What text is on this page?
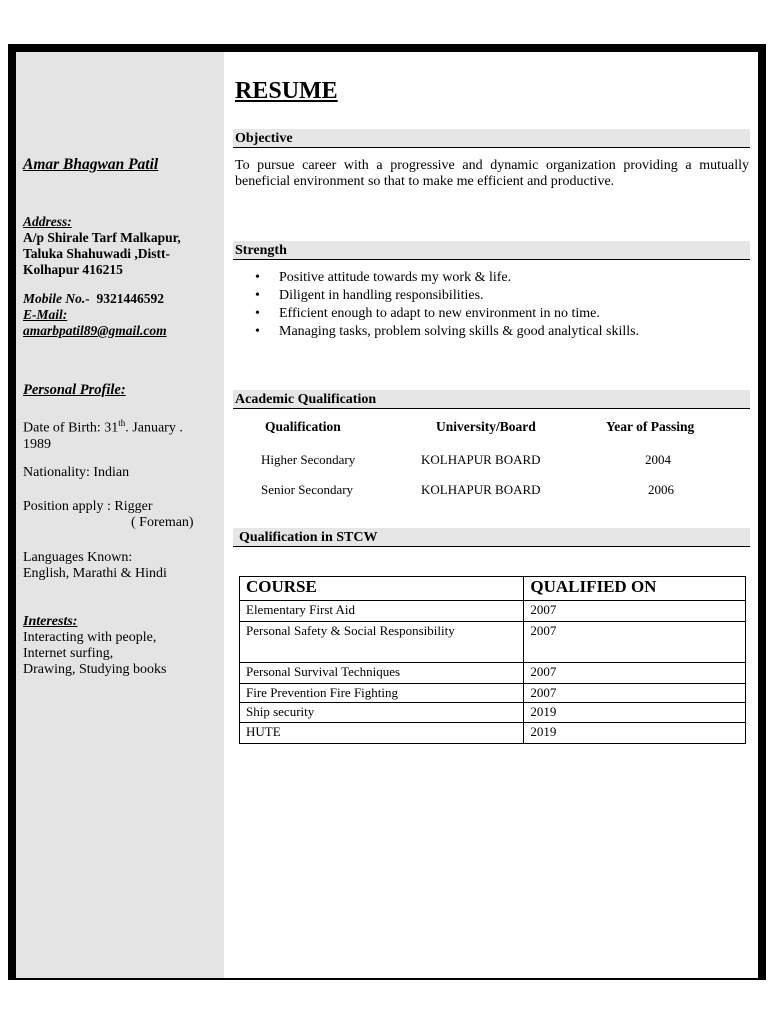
Amar Bhagwan Patil
Address:
A/p Shirale Tarf Malkapur,
Taluka Shahuwadi ,Distt-
Kolhapur 416215
Mobile No.- 9321446592
E-Mail:
amarbpatil89@gmail.com
Personal Profile:
Date of Birth: 31th. January .
1989
Nationality: Indian
Position apply : Rigger
( Foreman)
Languages Known:
English, Marathi & Hindi
Interests:
Interacting with people,
Internet surfing,
Drawing, Studying books
RESUME
Objective
To pursue career with a progressive and dynamic organization providing a mutually beneficial environment so that to make me efficient and productive.
Strength
• Positive attitude towards my work & life.
• Diligent in handling responsibilities.
• Efficient enough to adapt to new environment in no time.
• Managing tasks, problem solving skills & good analytical skills.
Academic Qualification
Qualification	University/Board	Year of Passing
Higher Secondary	KOLHAPUR BOARD	2004
Senior Secondary	KOLHAPUR BOARD	2006
Qualification in STCW
COURSE	QUALIFIED ON
Elementary First Aid	2007
Personal Safety & Social Responsibility	2007
Personal Survival Techniques	2007
Fire Prevention Fire Fighting	2007
Ship security	2019
HUTE	2019
